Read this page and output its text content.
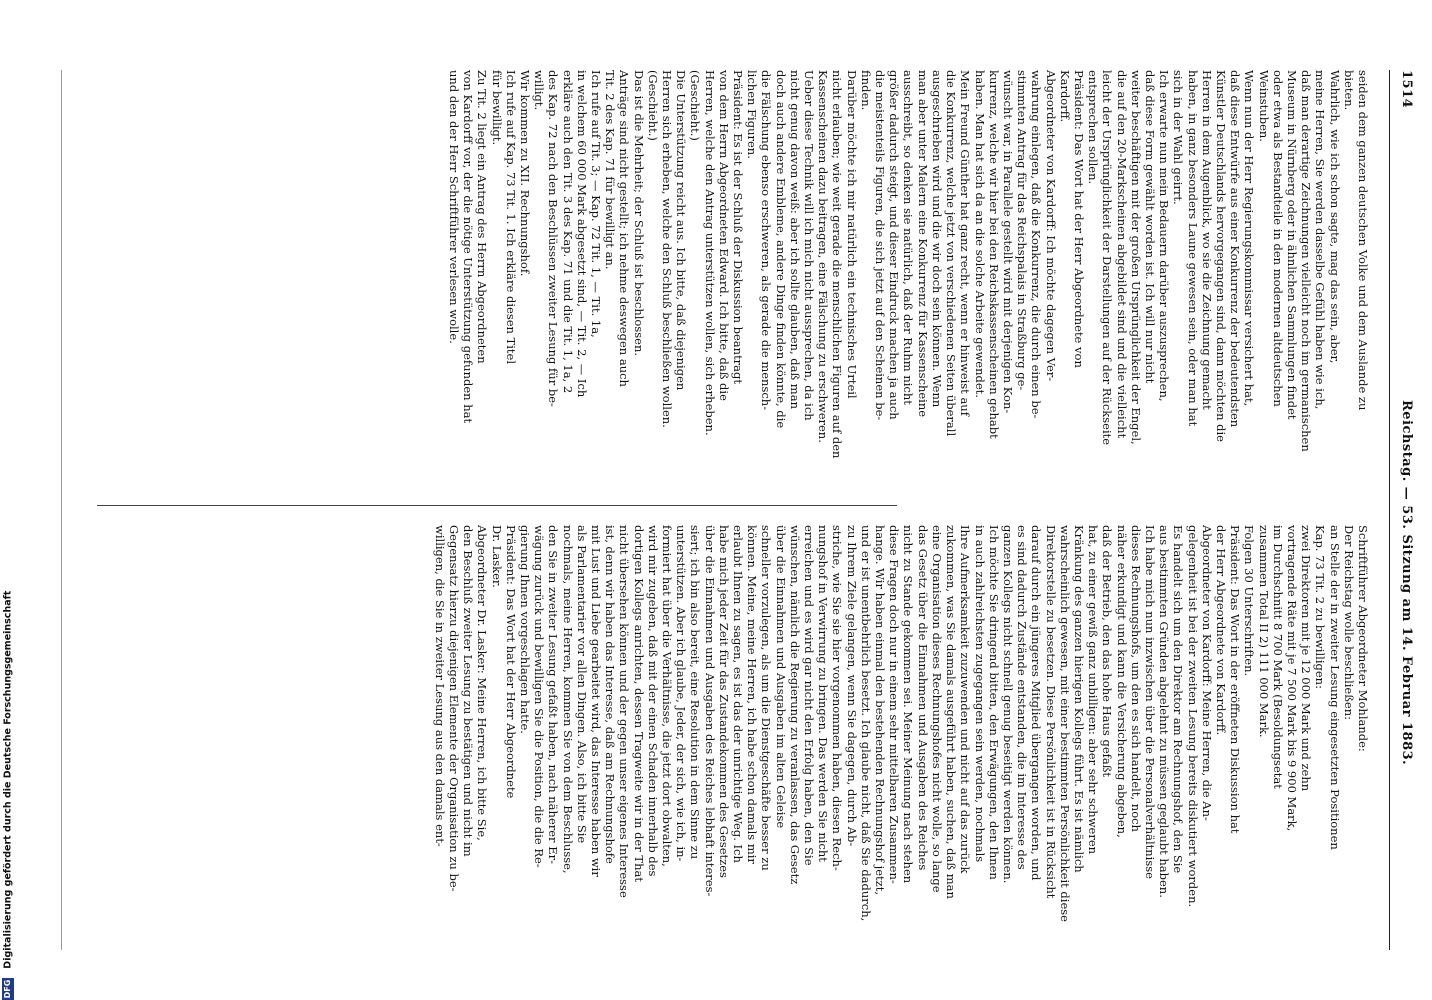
1514
Reichstag. — 53. Sitzung am 14. Februar 1883.
seiden dem ganzen deutschen Volke und dem Auslande zu
bieten.
Wahrlich, wie ich schon sagte, mag das sein, aber,
meine Herren, Sie werden dasselbe Gefühl haben wie ich,
daß man derartige Zeichnungen vielleicht noch im germanischen
Museum in Nürnberg oder in ähnlichen Sammlungen findet
oder etwa als Bestandteile in den modernen altdeutschen
Weinstuben.
Wenn nun der Herr Regierungskommissar versichert hat,
daß diese Entwürfe aus einer Konkurrenz der bedeutendsten
Künstler Deutschlands hervorgegangen sind, dann möchten die
Herren in dem Augenblick, wo sie die Zeichnung gemacht
haben, in ganz besonders Laune gewesen sein, oder man hat
sich in der Wahl geirrt.
Ich erwarte nun mein Bedauern darüber auszusprechen,
daß diese Form gewählt worden ist. Ich will nur nicht
weiter beschäftigen mit der großen Ursprünglichkeit der Engel,
die auf den 20-Markscheinen abgebildet sind und die vielleicht
leicht der Ursprünglichkeit der Darstellungen auf der Rückseite
entsprechen sollen.
Präsident: Das Wort hat der Herr Abgeordnete von
Kardorff.
Abgeordneter von Kardorff: Ich möchte dagegen Ver-
wahrung einlegen, daß die Konkurrenz, die durch einen be-
stimmten Antrag für das Reichspalais in Straßburg ge-
wünscht war, in Parallele gestellt wird mit derjenigen Kon-
kurrenz, welche wir hier bei den Reichskassenscheinen gehabt
haben. Man hat sich da an die solche Arbeite gewendet.
Mein Freund Günther hat ganz recht, wenn er hinweist auf
die Konkurrenz, welche jetzt von verschiedenen Seiten überall
ausgeschrieben wird und die wir doch sein können. Wenn
man aber unter Malern eine Konkurrenz für Kassenscheine
ausschreibt, so denken sie natürlich, daß der Ruhm nicht
größer dadurch steigt, und dieser Eindruck machen ja auch
die meistenteils Figuren, die sich jetzt auf den Scheinen be-
finden.
Darüber möchte ich mir natürlich ein technisches Urteil
nicht erlauben; wie weit gerade die menschlichen Figuren auf den
Kassenscheinen dazu beitragen, eine Fälschung zu erschweren.
Ueber diese Technik will ich mich nicht aussprechen, da ich
nicht genug davon weiß: aber ich sollte glauben, daß man
doch auch andere Embleme, andere Dinge finden könnte, die
die Fälschung ebenso erschweren, als gerade die mensch-
lichen Figuren.
Präsident: Es ist der Schluß der Diskussion beantragt
von dem Herrn Abgeordneten Edward. Ich bitte, daß die
Herren, welche den Antrag unterstützen wollen, sich erheben.
(Geschieht.)
Die Unterstützung reicht aus. Ich bitte, daß diejenigen
Herren sich erheben, welche den Schluß beschließen wollen.
(Geschieht.)
Das ist die Mehrheit; der Schluß ist beschlossen.
Anträge sind nicht gestellt; ich nehme deswegen auch
Tit. 2 des Kap. 71 für bewilligt an.
Ich rufe auf Tit. 3; — Kap. 72 Tit. 1, — Tit. 1a,
in welchem 60 000 Mark abgesetzt sind, — Tit. 2, — Ich
erkläre auch den Tit. 3 des Kap. 71 und die Tit. 1, 1a, 2
des Kap. 72 nach den Beschlüssen zweiter Lesung für be-
willigt.
Wir kommen zu XII. Rechnungshof.
Ich rufe auf Kap. 73 Tit. 1. Ich erkläre diesen Titel
für bewilligt.
Zu Tit. 2 liegt ein Antrag des Herrn Abgeordneten
von Kardorff vor, der die nötige Unterstützung gefunden hat
und den der Herr Schriftführer verlesen wolle.
Schriftführer Abgeordneter Mohlande:
Der Reichstag wolle beschließen:
an Stelle der in zweiter Lesung eingesetzten Positionen
Kap. 73 Tit. 2 zu bewilligen:
zwei Direktoren mit je 12 000 Mark und zehn
vortragende Räte mit je 7 500 Mark bis 9 900 Mark,
im Durchschnitt 8 700 Mark (Besoldungsetat
zusammen Total II 2) 111 000 Mark.
Folgen 30 Unterschriften.
Präsident: Das Wort in der eröffneten Diskussion hat
der Herr Abgeordnete von Kardorff.
Abgeordneter von Kardorff: Meine Herren, die An-
gelegenheit ist bei der zweiten Lesung bereits diskutiert worden.
Es handelt sich um den Direktor am Rechnungshof, den Sie
aus bestimmten Gründen abgelehnt zu müssen geglaubt haben.
Ich habe mich nun inzwischen über die Personalverhältnisse
dieses Rechnungshofs, um den es sich handelt, noch
näher erkundigt und kann die Versicherung abgeben,
daß der Betrieb, den das hohe Haus gefaßt
hat, zu einer gewiß ganz unbilligen: aber sehr schweren
Kränkung des ganzen hierigen Kollegs führt. Es ist nämlich
wahrscheinlich gewesen, mit einer bestimmten Persönlichkeit diese
Direktorstelle zu besetzen. Diese Persönlichkeit ist in Rücksicht
darauf durch ein jüngeres Mitglied übergangen worden, und
es sind dadurch Zustände entstanden, die im Interesse des
ganzen Kollegs nicht schnell genug beseitigt werden können.
Ich möchte Sie dringend bitten, den Erwägungen, den Ihnen
in auch zahlreichsten zugegangen sein werden, nochmals
Ihre Aufmerksamkeit zuzuwenden und nicht auf das zurück
zukommen, was Sie damals ausgeführt haben, suchen, daß man
eine Organisation dieses Rechnungshofes nicht wolle, so lange
das Gesetz über die Einnahmen und Ausgaben des Reiches
nicht zu Stande gekommen sei. Meiner Meinung nach stehen
diese Fragen doch nur in einem sehr mittelbaren Zusammen-
hange. Wir haben einmal den bestehenden Rechnungshof jetzt,
und er ist unentbehrlich besetzt. Ich glaube nicht, daß Sie dadurch,
zu Ihrem Ziele gelangen, wenn Sie dagegen, durch Ab-
striche, wie Sie sie hier vorgenommen haben, diesen Rech-
nungshof in Verwirrung zu bringen. Das werden Sie nicht
erreichen und es wird gar nicht den Erfolg haben, den Sie
wünschen, nämlich die Regierung zu veranlassen, das Gesetz
über die Einnahmen und Ausgaben im alten Geleise
schneller vorzulegen, als um die Dienstgeschäfte besser zu
können. Meine, meine Herren, ich habe schon damals mir
erlaubt Ihnen zu sagen, es ist das der unrichtige Weg. Ich
habe mich jeder Zeit für das Zustandekommen des Gesetzes
über die Einnahmen und Ausgaben des Reiches lebhaft interes-
siert; ich bin also bereit, eine Resolution in dem Sinne zu
unterstützen. Aber ich glaube, Jeder, der sich, wie ich, in-
formiert hat über die Verhältnisse, die jetzt dort obwalten,
wird mir zugeben, daß mit der einen Schaden innerhalb des
dortigen Kollegs anrichten, dessen Tragweite wir in der That
nicht übersehen können und der gegen unser eigenes Interesse
ist, denn wir haben das Interesse, daß am Rechnungshofe
mit Lust und Liebe gearbeitet wird, das Interesse haben wir
als Parlamentarier vor allen Dingen. Also, ich bitte Sie
nochmals, meine Herren, kommen Sie von dem Beschlusse,
den Sie in zweiter Lesung gefaßt haben, nach näherer Er-
wägung zurück und bewilligen Sie die Position, die die Re-
gierung Ihnen vorgeschlagen hatte.
Präsident: Das Wort hat der Herr Abgeordnete
Dr. Lasker.
Abgeordneter Dr. Lasker: Meine Herren, ich bitte Sie,
den Beschluß zweiter Lesung zu bestätigen und nicht im
Gegensatz hierzu diejenigen Elemente der Organisation zu be-
willigen, die Sie in zweiter Lesung aus den damals ent-
DFG Digitalisierung gefördert durch die Deutsche Forschungsgemeinschaft
